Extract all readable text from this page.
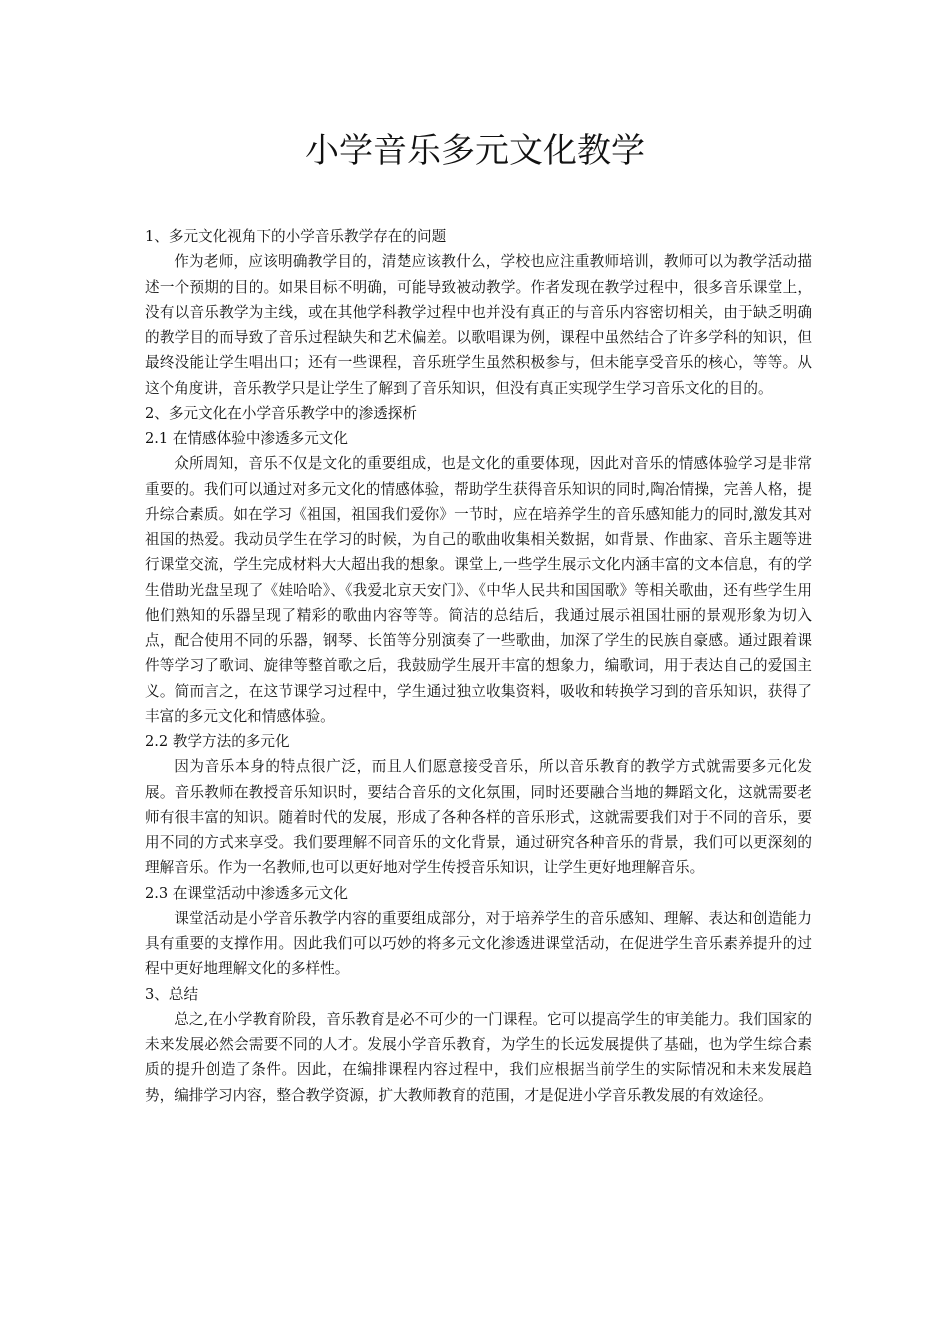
小学音乐多元文化教学

1、多元文化视角下的小学音乐教学存在的问题

作为老师，应该明确教学目的，清楚应该教什么，学校也应注重教师培训，教师可以为教学活动描述一个预期的目的。如果目标不明确，可能导致被动教学。作者发现在教学过程中，很多音乐课堂上，没有以音乐教学为主线，或在其他学科教学过程中也并没有真正的与音乐内容密切相关，由于缺乏明确的教学目的而导致了音乐过程缺失和艺术偏差。以歌唱课为例，课程中虽然结合了许多学科的知识，但最终没能让学生唱出口；还有一些课程，音乐班学生虽然积极参与，但未能享受音乐的核心，等等。从这个角度讲，音乐教学只是让学生了解到了音乐知识，但没有真正实现学生学习音乐文化的目的。

2、多元文化在小学音乐教学中的渗透探析

2.1 在情感体验中渗透多元文化

众所周知，音乐不仅是文化的重要组成，也是文化的重要体现，因此对音乐的情感体验学习是非常重要的。我们可以通过对多元文化的情感体验，帮助学生获得音乐知识的同时,陶冶情操，完善人格，提升综合素质。如在学习《祖国，祖国我们爱你》一节时，应在培养学生的音乐感知能力的同时,激发其对祖国的热爱。我动员学生在学习的时候，为自己的歌曲收集相关数据，如背景、作曲家、音乐主题等进行课堂交流，学生完成材料大大超出我的想象。课堂上,一些学生展示文化内涵丰富的文本信息，有的学生借助光盘呈现了《娃哈哈》、《我爱北京天安门》、《中华人民共和国国歌》等相关歌曲，还有些学生用他们熟知的乐器呈现了精彩的歌曲内容等等。简洁的总结后，我通过展示祖国壮丽的景观形象为切入点，配合使用不同的乐器，钢琴、长笛等分别演奏了一些歌曲，加深了学生的民族自豪感。通过跟着课件等学习了歌词、旋律等整首歌之后，我鼓励学生展开丰富的想象力，编歌词，用于表达自己的爱国主义。简而言之，在这节课学习过程中，学生通过独立收集资料，吸收和转换学习到的音乐知识，获得了丰富的多元文化和情感体验。

2.2 教学方法的多元化

因为音乐本身的特点很广泛，而且人们愿意接受音乐，所以音乐教育的教学方式就需要多元化发展。音乐教师在教授音乐知识时，要结合音乐的文化氛围，同时还要融合当地的舞蹈文化，这就需要老师有很丰富的知识。随着时代的发展，形成了各种各样的音乐形式，这就需要我们对于不同的音乐，要用不同的方式来享受。我们要理解不同音乐的文化背景，通过研究各种音乐的背景，我们可以更深刻的理解音乐。作为一名教师,也可以更好地对学生传授音乐知识，让学生更好地理解音乐。

2.3 在课堂活动中渗透多元文化

课堂活动是小学音乐教学内容的重要组成部分，对于培养学生的音乐感知、理解、表达和创造能力具有重要的支撑作用。因此我们可以巧妙的将多元文化渗透进课堂活动，在促进学生音乐素养提升的过程中更好地理解文化的多样性。

3、总结

总之,在小学教育阶段，音乐教育是必不可少的一门课程。它可以提高学生的审美能力。我们国家的未来发展必然会需要不同的人才。发展小学音乐教育，为学生的长远发展提供了基础，也为学生综合素质的提升创造了条件。因此，在编排课程内容过程中，我们应根据当前学生的实际情况和未来发展趋势，编排学习内容，整合教学资源，扩大教师教育的范围，才是促进小学音乐教发展的有效途径。
